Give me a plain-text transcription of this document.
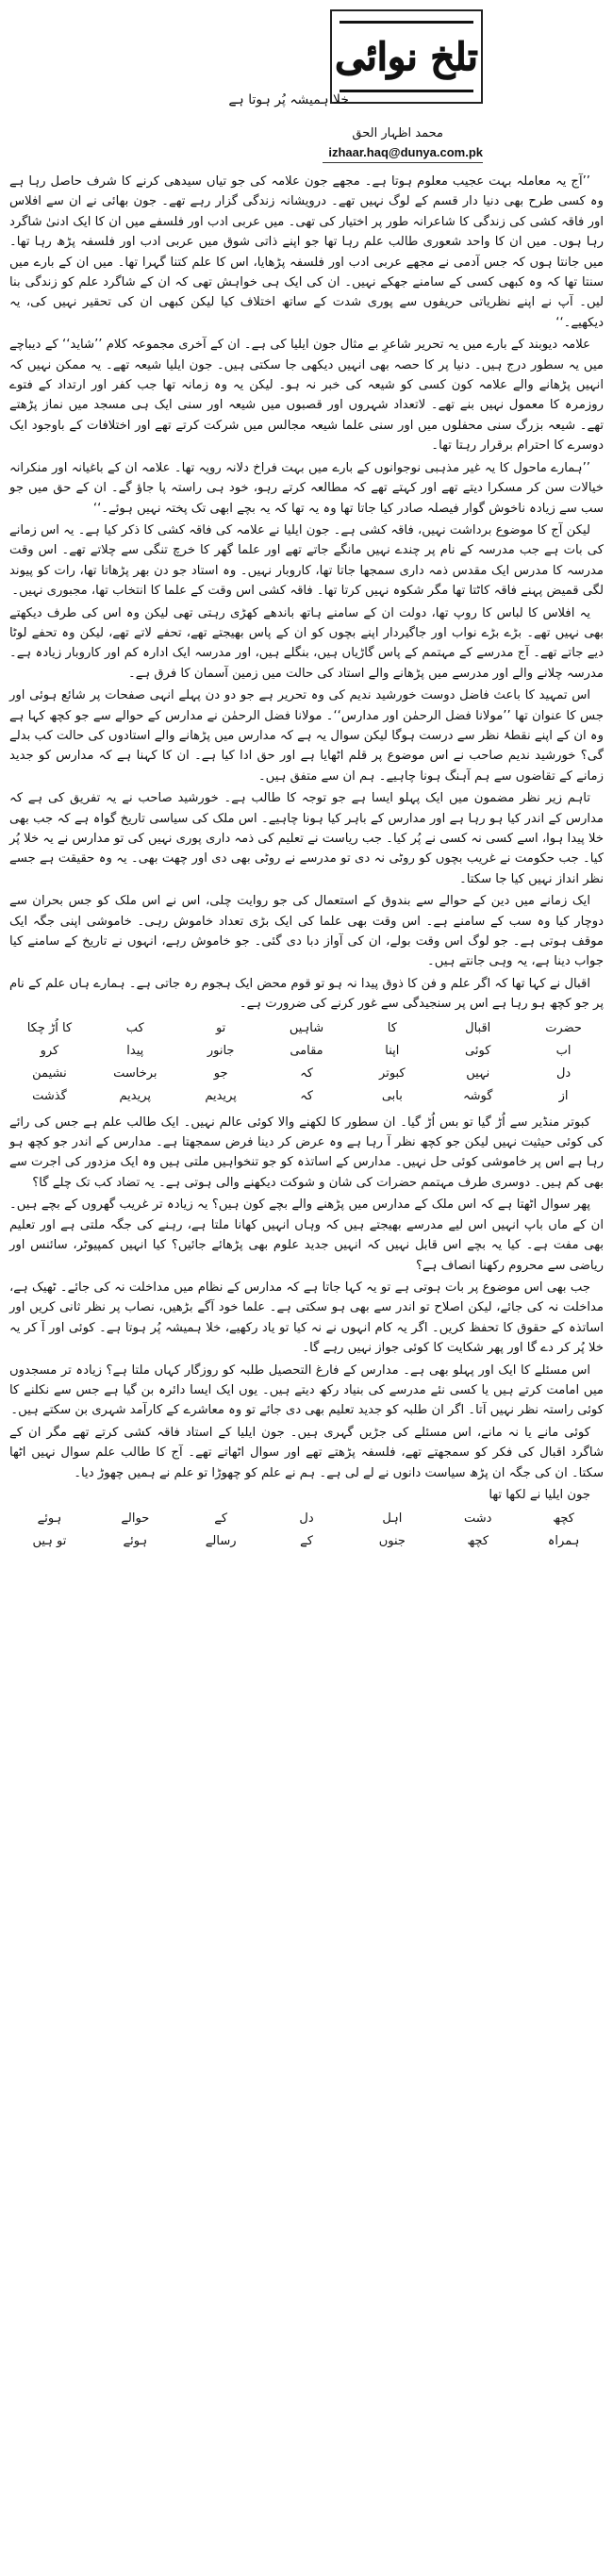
تلخ نوائی
خلا ہمیشہ پُر ہوتا ہے
محمد اظہار الحق
izhaar.haq@dunya.com.pk

’’آج یہ معاملہ بہت عجیب معلوم ہوتا ہے۔ مجھے جون علامہ کی جو تیاں سیدھی کرنے کا شرف حاصل رہا ہے وہ کسی طرح بھی دنیا دار قسم کے لوگ نہیں تھے۔ درویشانہ زندگی گزار رہے تھے۔ جون بھائی نے ان سے افلاس اور فاقہ کشی کی زندگی کا شاعرانہ طور پر اختیار کی تھی۔ میں عربی ادب اور فلسفے میں ان کا ایک ادنیٰ شاگرد رہا ہوں۔ میں ان کا واحد شعوری طالب علم رہا تھا جو اپنے ذاتی شوق میں عربی ادب اور فلسفہ پڑھ رہا تھا۔ میں جانتا ہوں کہ جس آدمی نے مجھے عربی ادب اور فلسفہ پڑھایا، اس کا علم کتنا گہرا تھا۔ میں ان کے بارے میں سنتا تھا کہ وہ کبھی کسی کے سامنے جھکے نہیں۔ ان کی ایک ہی خواہش تھی کہ ان کے شاگرد علم کو زندگی بنا لیں۔ آپ نے اپنے نظریاتی حریفوں سے پوری شدت کے ساتھ اختلاف کیا لیکن کبھی ان کی تحقیر نہیں کی، یہ دیکھیے۔‘‘

علامہ دیوبند کے بارے میں یہ تحریر شاعرِ بے مثال جون ایلیا کی ہے۔ ان کے آخری مجموعہ کلام ’’شاید‘‘ کے دیباچے میں یہ سطور درج ہیں۔ دنیا پر کا حصہ بھی انہیں دیکھی جا سکتی ہیں۔ جون ایلیا شیعہ تھے۔ یہ ممکن نہیں کہ انہیں پڑھانے والے علامہ کون کسی کو شیعہ کی خبر نہ ہو۔ لیکن یہ وہ زمانہ تھا جب کفر اور ارتداد کے فتوے روزمرہ کا معمول نہیں بنے تھے۔ لاتعداد شہروں اور قصبوں میں شیعہ اور سنی ایک ہی مسجد میں نماز پڑھتے تھے۔ شیعہ بزرگ سنی محفلوں میں اور سنی علما شیعہ مجالس میں شرکت کرتے تھے اور اختلافات کے باوجود ایک دوسرے کا احترام برقرار رہتا تھا۔

’’ہمارے ماحول کا یہ غیر مذہبی نوجوانوں کے بارے میں بہت فراخ دلانہ رویہ تھا۔ علامہ ان کے باغیانہ اور منکرانہ خیالات سن کر مسکرا دیتے تھے اور کہتے تھے کہ مطالعہ کرتے رہو، خود ہی راستہ پا جاؤ گے۔ ان کے حق میں جو سب سے زیادہ ناخوش گوار فیصلہ صادر کیا جاتا تھا وہ یہ تھا کہ یہ بچے ابھی تک پختہ نہیں ہوئے۔‘‘

لیکن آج کا موضوع برداشت نہیں، فاقہ کشی ہے۔ جون ایلیا نے علامہ کی فاقہ کشی کا ذکر کیا ہے۔ یہ اس زمانے کی بات ہے جب مدرسہ کے نام پر چندے نہیں مانگے جاتے تھے اور علما گھر کا خرچ تنگی سے چلاتے تھے۔ اس وقت مدرسہ کا مدرس ایک مقدس ذمہ داری سمجھا جاتا تھا، کاروبار نہیں۔ وہ استاد جو دن بھر پڑھاتا تھا، رات کو پیوند لگی قمیض پہنے فاقہ کاٹتا تھا مگر شکوہ نہیں کرتا تھا۔ فاقہ کشی اس وقت کے علما کا انتخاب تھا، مجبوری نہیں۔

یہ افلاس کا لباس کا روپ تھا، دولت ان کے سامنے ہاتھ باندھے کھڑی رہتی تھی لیکن وہ اس کی طرف دیکھتے بھی نہیں تھے۔ بڑے بڑے نواب اور جاگیردار اپنے بچوں کو ان کے پاس بھیجتے تھے، تحفے لاتے تھے، لیکن وہ تحفے لوٹا دیے جاتے تھے۔ آج مدرسے کے مہتمم کے پاس گاڑیاں ہیں، بنگلے ہیں، اور مدرسہ ایک ادارہ کم اور کاروبار زیادہ ہے۔ مدرسہ چلانے والے اور مدرسے میں پڑھانے والے استاد کی حالت میں زمین آسمان کا فرق ہے۔

اس تمہید کا باعث فاضل دوست خورشید ندیم کی وہ تحریر ہے جو دو دن پہلے انہی صفحات پر شائع ہوئی اور جس کا عنوان تھا ’’مولانا فضل الرحمٰن اور مدارس‘‘۔ مولانا فضل الرحمٰن نے مدارس کے حوالے سے جو کچھ کہا ہے وہ ان کے اپنے نقطۂ نظر سے درست ہوگا لیکن سوال یہ ہے کہ مدارس میں پڑھانے والے استادوں کی حالت کب بدلے گی؟ خورشید ندیم صاحب نے اس موضوع پر قلم اٹھایا ہے اور حق ادا کیا ہے۔ ان کا کہنا ہے کہ مدارس کو جدید زمانے کے تقاضوں سے ہم آہنگ ہونا چاہیے۔ ہم ان سے متفق ہیں۔

تاہم زیر نظر مضمون میں ایک پہلو ایسا ہے جو توجہ کا طالب ہے۔ خورشید صاحب نے یہ تفریق کی ہے کہ مدارس کے اندر کیا ہو رہا ہے اور مدارس کے باہر کیا ہونا چاہیے۔ اس ملک کی سیاسی تاریخ گواہ ہے کہ جب بھی خلا پیدا ہوا، اسے کسی نہ کسی نے پُر کیا۔ جب ریاست نے تعلیم کی ذمہ داری پوری نہیں کی تو مدارس نے یہ خلا پُر کیا۔ جب حکومت نے غریب بچوں کو روٹی نہ دی تو مدرسے نے روٹی بھی دی اور چھت بھی۔ یہ وہ حقیقت ہے جسے نظر انداز نہیں کیا جا سکتا۔

ایک زمانے میں دین کے حوالے سے بندوق کے استعمال کی جو روایت چلی، اس نے اس ملک کو جس بحران سے دوچار کیا وہ سب کے سامنے ہے۔ اس وقت بھی علما کی ایک بڑی تعداد خاموش رہی۔ خاموشی اپنی جگہ ایک موقف ہوتی ہے۔ جو لوگ اس وقت بولے، ان کی آواز دبا دی گئی۔ جو خاموش رہے، انہوں نے تاریخ کے سامنے کیا جواب دینا ہے، یہ وہی جانتے ہیں۔

اقبال نے کہا تھا کہ اگر علم و فن کا ذوق پیدا نہ ہو تو قوم محض ایک ہجوم رہ جاتی ہے۔ ہمارے ہاں علم کے نام پر جو کچھ ہو رہا ہے اس پر سنجیدگی سے غور کرنے کی ضرورت ہے۔

حضرت
اقبال
کا
شاہیں
تو
کب
کا اُڑ چکا
اب
کوئی
اپنا
مقامی
جانور
پیدا
کرو
دل
نہیں
کبوتر
کہ
جو
برخاست
نشیمن
از
گوشہ
بابی
کہ
پریدیم
پریدیم
گذشت

کبوتر منڈیر سے اُڑ گیا تو بس اُڑ گیا۔ ان سطور کا لکھنے والا کوئی عالم نہیں۔ ایک طالب علم ہے جس کی رائے کی کوئی حیثیت نہیں لیکن جو کچھ نظر آ رہا ہے وہ عرض کر دینا فرض سمجھتا ہے۔ مدارس کے اندر جو کچھ ہو رہا ہے اس پر خاموشی کوئی حل نہیں۔ مدارس کے اساتذہ کو جو تنخواہیں ملتی ہیں وہ ایک مزدور کی اجرت سے بھی کم ہیں۔ دوسری طرف مہتمم حضرات کی شان و شوکت دیکھنے والی ہوتی ہے۔ یہ تضاد کب تک چلے گا؟

پھر سوال اٹھتا ہے کہ اس ملک کے مدارس میں پڑھنے والے بچے کون ہیں؟ یہ زیادہ تر غریب گھروں کے بچے ہیں۔ ان کے ماں باپ انہیں اس لیے مدرسے بھیجتے ہیں کہ وہاں انہیں کھانا ملتا ہے، رہنے کی جگہ ملتی ہے اور تعلیم بھی مفت ہے۔ کیا یہ بچے اس قابل نہیں کہ انہیں جدید علوم بھی پڑھائے جائیں؟ کیا انہیں کمپیوٹر، سائنس اور ریاضی سے محروم رکھنا انصاف ہے؟

جب بھی اس موضوع پر بات ہوتی ہے تو یہ کہا جاتا ہے کہ مدارس کے نظام میں مداخلت نہ کی جائے۔ ٹھیک ہے، مداخلت نہ کی جائے، لیکن اصلاح تو اندر سے بھی ہو سکتی ہے۔ علما خود آگے بڑھیں، نصاب پر نظر ثانی کریں اور اساتذہ کے حقوق کا تحفظ کریں۔ اگر یہ کام انہوں نے نہ کیا تو یاد رکھیے، خلا ہمیشہ پُر ہوتا ہے۔ کوئی اور آ کر یہ خلا پُر کر دے گا اور پھر شکایت کا کوئی جواز نہیں رہے گا۔

اس مسئلے کا ایک اور پہلو بھی ہے۔ مدارس کے فارغ التحصیل طلبہ کو روزگار کہاں ملتا ہے؟ زیادہ تر مسجدوں میں امامت کرتے ہیں یا کسی نئے مدرسے کی بنیاد رکھ دیتے ہیں۔ یوں ایک ایسا دائرہ بن گیا ہے جس سے نکلنے کا کوئی راستہ نظر نہیں آتا۔ اگر ان طلبہ کو جدید تعلیم بھی دی جائے تو وہ معاشرے کے کارآمد شہری بن سکتے ہیں۔

کوئی مانے یا نہ مانے، اس مسئلے کی جڑیں گہری ہیں۔ جون ایلیا کے استاد فاقہ کشی کرتے تھے مگر ان کے شاگرد اقبال کی فکر کو سمجھتے تھے، فلسفہ پڑھتے تھے اور سوال اٹھاتے تھے۔ آج کا طالب علم سوال نہیں اٹھا سکتا۔ ان کی جگہ ان پڑھ سیاست دانوں نے لے لی ہے۔ ہم نے علم کو چھوڑا تو علم نے ہمیں چھوڑ دیا۔

جون ایلیا نے لکھا تھا

کچھ
دشت
اہل
دل
کے
حوالے
ہوئے
ہمراہ
کچھ
جنوں
کے
رسالے
ہوئے
تو ہیں
